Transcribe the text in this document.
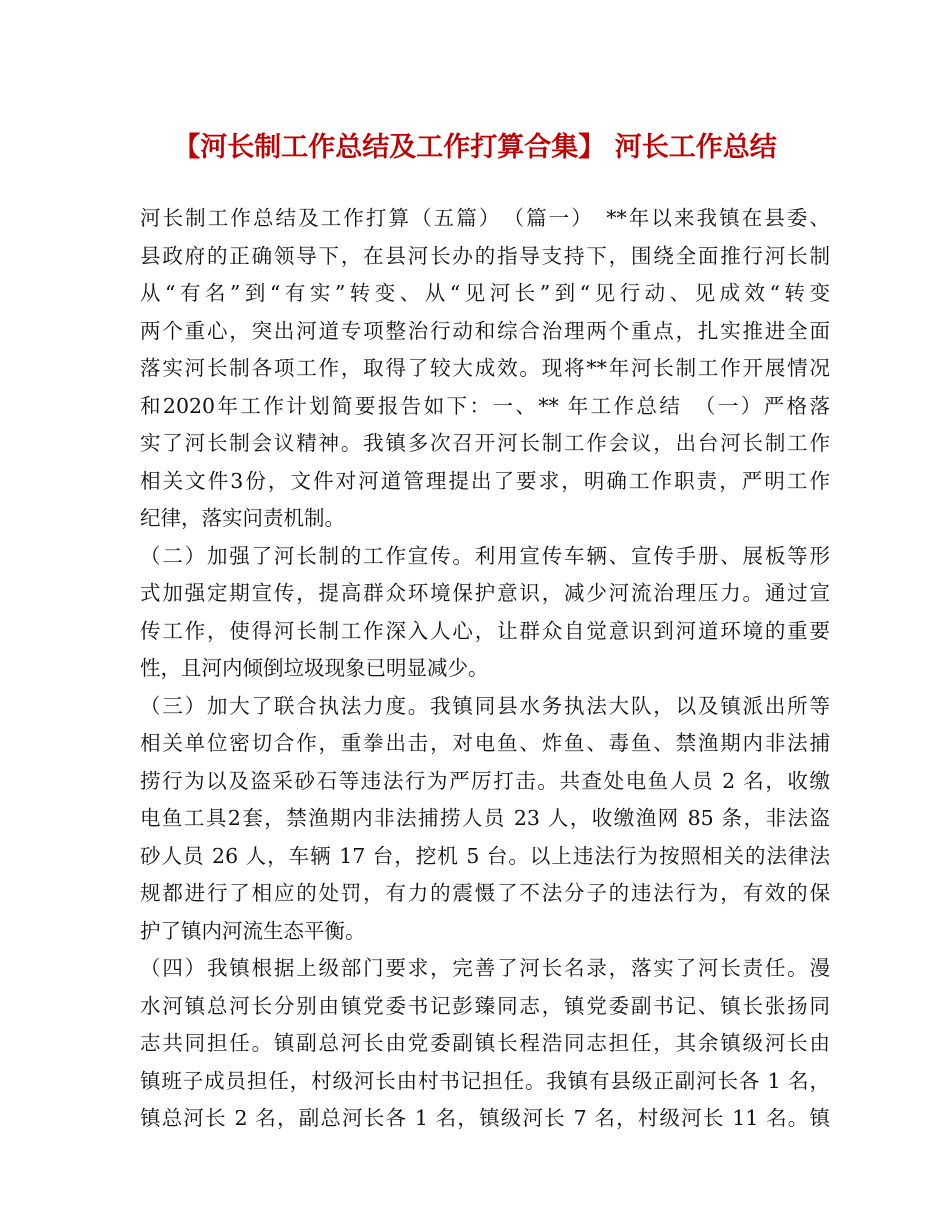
【河长制工作总结及工作打算合集】 河长工作总结
河长制工作总结及工作打算（五篇）　（篇一）　**年以来我镇在县委、
县政府的正确领导下，在县河长办的指导支持下，围绕全面推行河长制
从“有名”到“有实”转变、从“见河长”到“见行动、见成效“转变
两个重心，突出河道专项整治行动和综合治理两个重点，扎实推进全面
落实河长制各项工作，取得了较大成效。现将**年河长制工作开展情况
和2020年工作计划简要报告如下：一、** 年工作总结　（一）严格落
实了河长制会议精神。我镇多次召开河长制工作会议，出台河长制工作
相关文件3份，文件对河道管理提出了要求，明确工作职责，严明工作
纪律，落实问责机制。
（二）加强了河长制的工作宣传。利用宣传车辆、宣传手册、展板等形
式加强定期宣传，提高群众环境保护意识，减少河流治理压力。通过宣
传工作，使得河长制工作深入人心，让群众自觉意识到河道环境的重要
性，且河内倾倒垃圾现象已明显减少。
（三）加大了联合执法力度。我镇同县水务执法大队，以及镇派出所等
相关单位密切合作，重拳出击，对电鱼、炸鱼、毒鱼、禁渔期内非法捕
捞行为以及盗采砂石等违法行为严厉打击。共查处电鱼人员 2 名，收缴
电鱼工具2套，禁渔期内非法捕捞人员 23 人，收缴渔网 85 条，非法盗
砂人员 26 人，车辆 17 台，挖机 5 台。以上违法行为按照相关的法律法
规都进行了相应的处罚，有力的震慑了不法分子的违法行为，有效的保
护了镇内河流生态平衡。
（四）我镇根据上级部门要求，完善了河长名录，落实了河长责任。漫
水河镇总河长分别由镇党委书记彭臻同志，镇党委副书记、镇长张扬同
志共同担任。镇副总河长由党委副镇长程浩同志担任，其余镇级河长由
镇班子成员担任，村级河长由村书记担任。我镇有县级正副河长各 1 名，
镇总河长 2 名，副总河长各 1 名，镇级河长 7 名，村级河长 11 名。镇
